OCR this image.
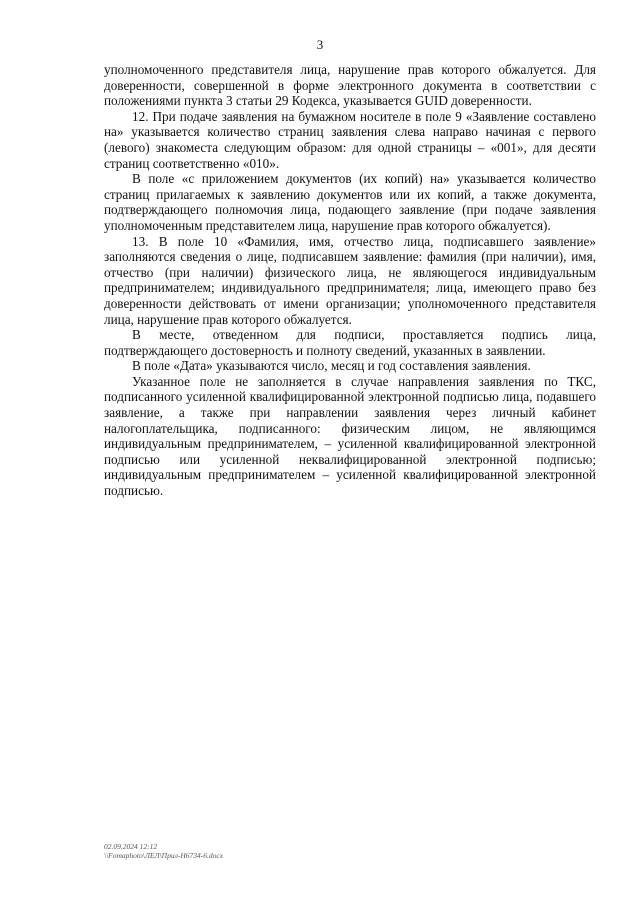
3

уполномоченного представителя лица, нарушение прав которого обжалуется. Для доверенности, совершенной в форме электронного документа в соответствии с положениями пункта 3 статьи 29 Кодекса, указывается GUID доверенности.

12. При подаче заявления на бумажном носителе в поле 9 «Заявление составлено на» указывается количество страниц заявления слева направо начиная с первого (левого) знакоместа следующим образом: для одной страницы – «001», для десяти страниц соответственно «010».

В поле «с приложением документов (их копий) на» указывается количество страниц прилагаемых к заявлению документов или их копий, а также документа, подтверждающего полномочия лица, подающего заявление (при подаче заявления уполномоченным представителем лица, нарушение прав которого обжалуется).

13. В поле 10 «Фамилия, имя, отчество лица, подписавшего заявление» заполняются сведения о лице, подписавшем заявление: фамилия (при наличии), имя, отчество (при наличии) физического лица, не являющегося индивидуальным предпринимателем; индивидуального предпринимателя; лица, имеющего право без доверенности действовать от имени организации; уполномоченного представителя лица, нарушение прав которого обжалуется.

В месте, отведенном для подписи, проставляется подпись лица, подтверждающего достоверность и полноту сведений, указанных в заявлении.

В поле «Дата» указываются число, месяц и год составления заявления.

Указанное поле не заполняется в случае направления заявления по ТКС, подписанного усиленной квалифицированной электронной подписью лица, подавшего заявление, а также при направлении заявления через личный кабинет налогоплательщика, подписанного: физическим лицом, не являющимся индивидуальным предпринимателем, – усиленной квалифицированной электронной подписью или усиленной неквалифицированной электронной подписью; индивидуальным предпринимателем – усиленной квалифицированной электронной подписью.

02.09.2024 12:12
\\Fomaphoto\ЛЕЛ\Прил-Н6734-6.docx
